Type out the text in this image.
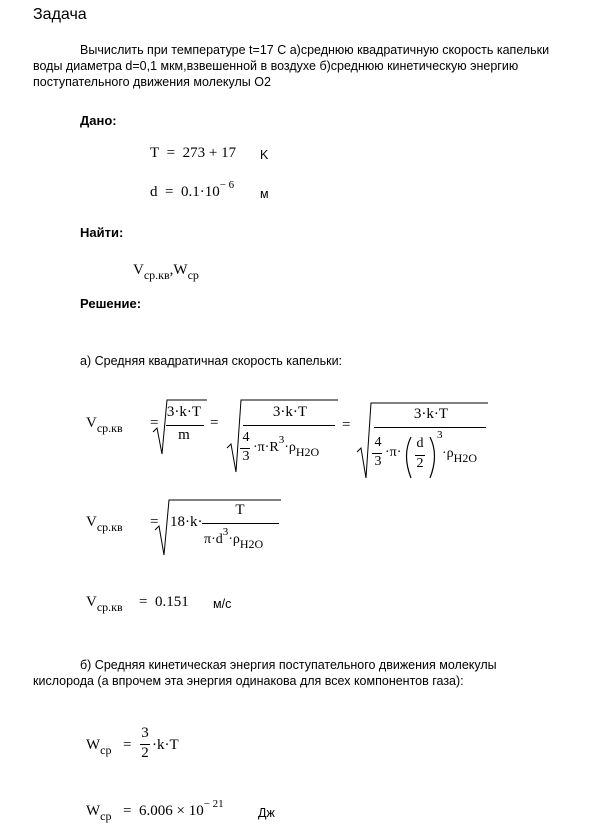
Задача
Вычислить при температуре t=17 С а)среднюю квадратичную скорость капельки
воды диаметра d=0,1 мкм,взвешенной в воздухе б)среднюю кинетическую энергию
поступательного движения молекулы О2
Дано:
T  =  273 + 17 K
$d = 0.1\cdot 10^{- 6}$
м
Найти:
$V_{ср.кв},W_{ср}$
Решение:
а) Средняя квадратичная скорость капельки:
$V_{ср.кв}$ =
3·k·T
m
=
3·k·T
4
3
$\cdot\pi\cdot R^3\cdot\rho H2O$
=
3·k·T
4
3
·π·
d
2
3
·ρH2O
$V_{ср.кв} = 18\cdot k\cdot$
T
$\pi\cdot d^3\cdot\rho H2O$
$V_{ср.кв} = 0.151$ м/с
б) Средняя кинетическая энергия поступательного движения молекулы
кислорода (а впрочем эта энергия одинакова для всех компонентов газа):
$W_{ср}$ =
3
2 ·k·T
$W_{ср} = 6.006 \times 10^{- 21}$
Дж
